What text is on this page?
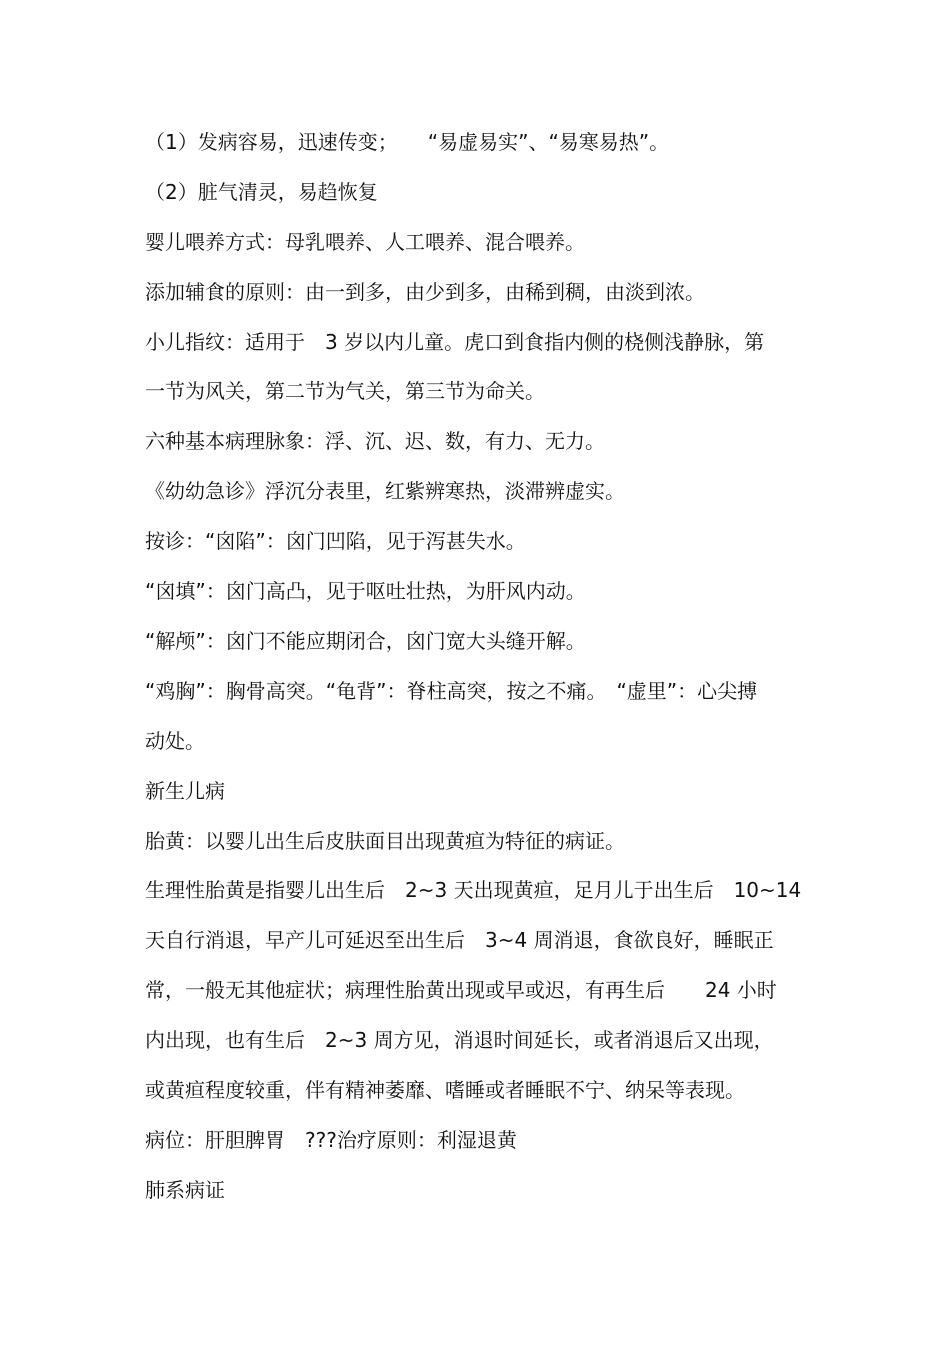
（1）发病容易，迅速传变；　　“易虚易实”、“易寒易热”。
（2）脏气清灵，易趋恢复
婴儿喂养方式：母乳喂养、人工喂养、混合喂养。
添加辅食的原则：由一到多，由少到多，由稀到稠，由淡到浓。
小儿指纹：适用于　3 岁以内儿童。虎口到食指内侧的桡侧浅静脉，第
一节为风关，第二节为气关，第三节为命关。
六种基本病理脉象：浮、沉、迟、数，有力、无力。
《幼幼急诊》浮沉分表里，红紫辨寒热，淡滞辨虚实。
按诊：“囟陷”：囟门凹陷，见于泻甚失水。
“囟填”：囟门高凸，见于呕吐壮热，为肝风内动。
“解颅”：囟门不能应期闭合，囟门宽大头缝开解。
“鸡胸”：胸骨高突。“龟背”：脊柱高突，按之不痛。　“虚里”：心尖搏
动处。
新生儿病
胎黄：以婴儿出生后皮肤面目出现黄疸为特征的病证。
生理性胎黄是指婴儿出生后　2~3 天出现黄疸，足月儿于出生后　10~14
天自行消退，早产儿可延迟至出生后　3~4 周消退，食欲良好，睡眠正
常，一般无其他症状；病理性胎黄出现或早或迟，有再生后　　24 小时
内出现，也有生后　2~3 周方见，消退时间延长，或者消退后又出现，
或黄疸程度较重，伴有精神萎靡、嗜睡或者睡眠不宁、纳呆等表现。
病位：肝胆脾胃　???治疗原则：利湿退黄
肺系病证
